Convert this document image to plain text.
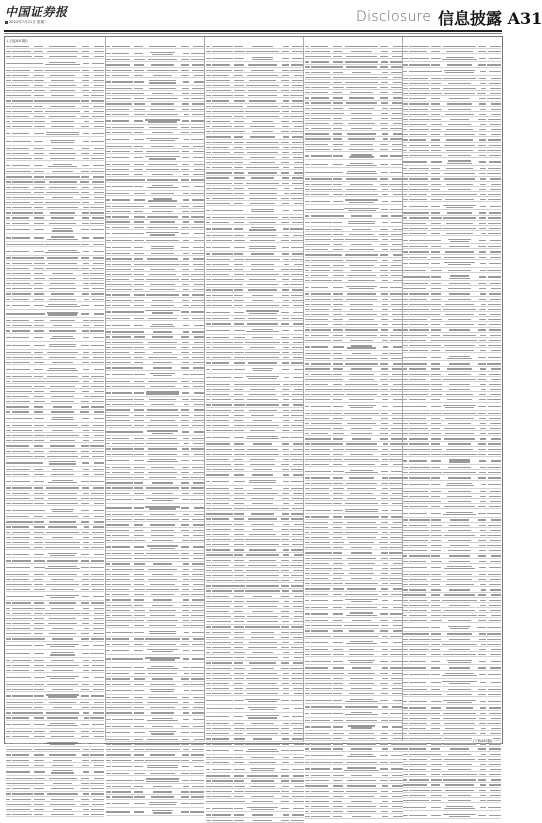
中国证券报
2022年7月21日 星期二	Disclosure 信息披露 A31
(上接A30版)
(下转A32版)
